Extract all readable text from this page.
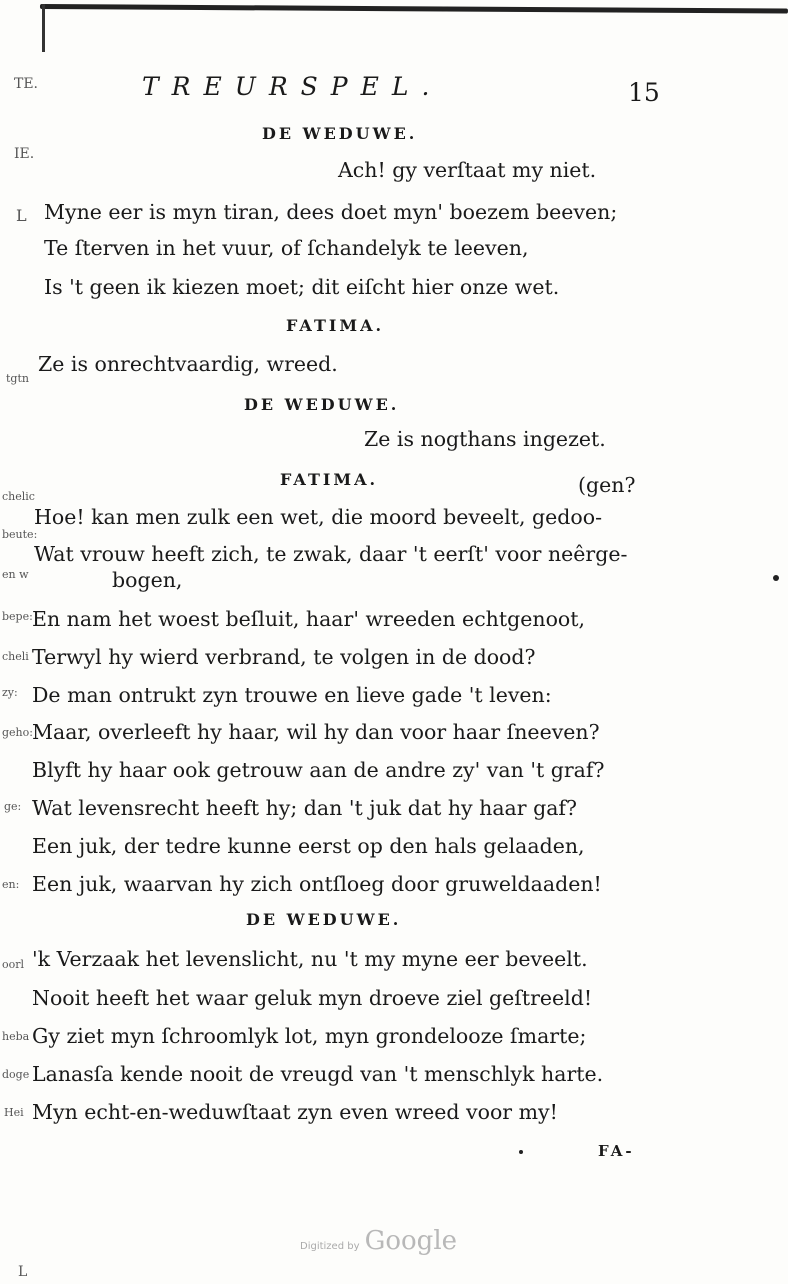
TREURSPEL.	15
TE.
IE.
L
tgtn
chelic
beute:
en w
bepe:
cheli
zy:
geho:
ge:
en:
oorl
heba
doge
Hei
L
DE WEDUWE.
Ach! gy verſtaat my niet.
Myne eer is myn tiran, dees doet myn' boezem beeven;
Te ſterven in het vuur, of ſchandelyk te leeven,
Is 't geen ik kiezen moet; dit eiſcht hier onze wet.
FATIMA.
Ze is onrechtvaardig, wreed.
DE WEDUWE.
Ze is nogthans ingezet.
FATIMA.	(gen?
Hoe! kan men zulk een wet, die moord beveelt, gedoo-
Wat vrouw heeft zich, te zwak, daar 't eerſt' voor neêrge-
bogen,
En nam het woest beſluit, haar' wreeden echtgenoot,
Terwyl hy wierd verbrand, te volgen in de dood?
De man ontrukt zyn trouwe en lieve gade 't leven:
Maar, overleeft hy haar, wil hy dan voor haar ſneeven?
Blyft hy haar ook getrouw aan de andre zy' van 't graf?
Wat levensrecht heeft hy; dan 't juk dat hy haar gaf?
Een juk, der tedre kunne eerst op den hals gelaaden,
Een juk, waarvan hy zich ontſloeg door gruweldaaden!
DE WEDUWE.
'k Verzaak het levenslicht, nu 't my myne eer beveelt.
Nooit heeft het waar geluk myn droeve ziel geſtreeld!
Gy ziet myn ſchroomlyk lot, myn grondelooze ſmarte;
Lanasſa kende nooit de vreugd van 't menschlyk harte.
Myn echt-en-weduwſtaat zyn even wreed voor my!
FA-
Digitized by Google
